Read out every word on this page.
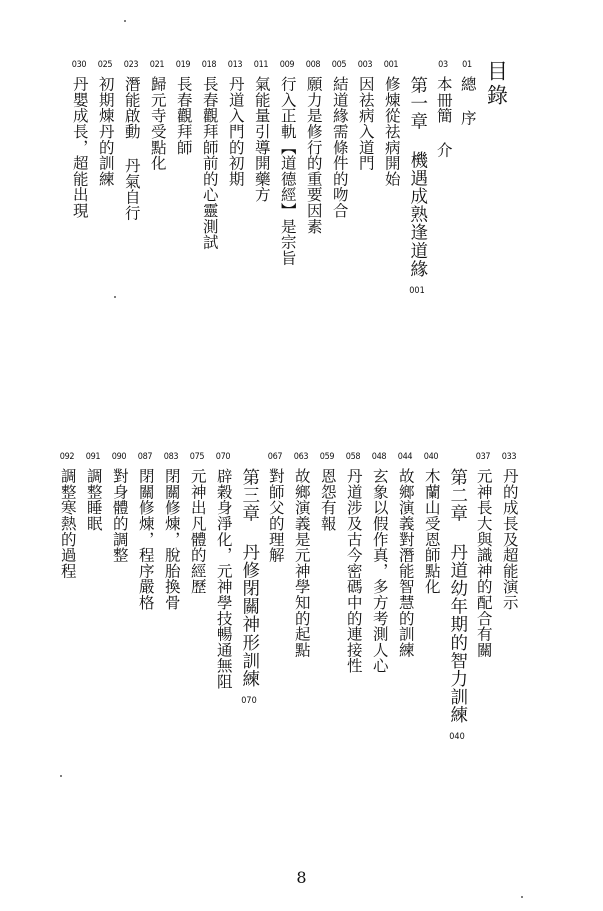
目錄
01
總 序
03
本冊簡 介
第一章 機遇成熟逢道緣
001
001
修煉從祛病開始
003
因祛病入道門
005
結道緣需條件的吻合
008
願力是修行的重要因素
009
行入正軌【道德經】是宗旨
011
氣能量引導開藥方
013
丹道入門的初期
018
長春觀拜師前的心靈測試
019
長春觀拜師
021
歸元寺受點化
023
潛能啟動 丹氣自行
025
初期煉丹的訓練
030
丹嬰成長，超能出現
033
丹的成長及超能演示
037
元神長大與識神的配合有關
第二章 丹道幼年期的智力訓練
040
040
木蘭山受恩師點化
044
故鄉演義對潛能智慧的訓練
048
玄象以假作真，多方考測人心
058
丹道涉及古今密碼中的連接性
059
恩怨有報
063
故鄉演義是元神學知的起點
067
對師父的理解
第三章 丹修閉關神形訓練
070
070
辟穀身淨化，元神學技暢通無阻
075
元神出凡體的經歷
083
閉關修煉，脫胎換骨
087
閉關修煉，程序嚴格
090
對身體的調整
091
調整睡眠
092
調整寒熱的過程
8
